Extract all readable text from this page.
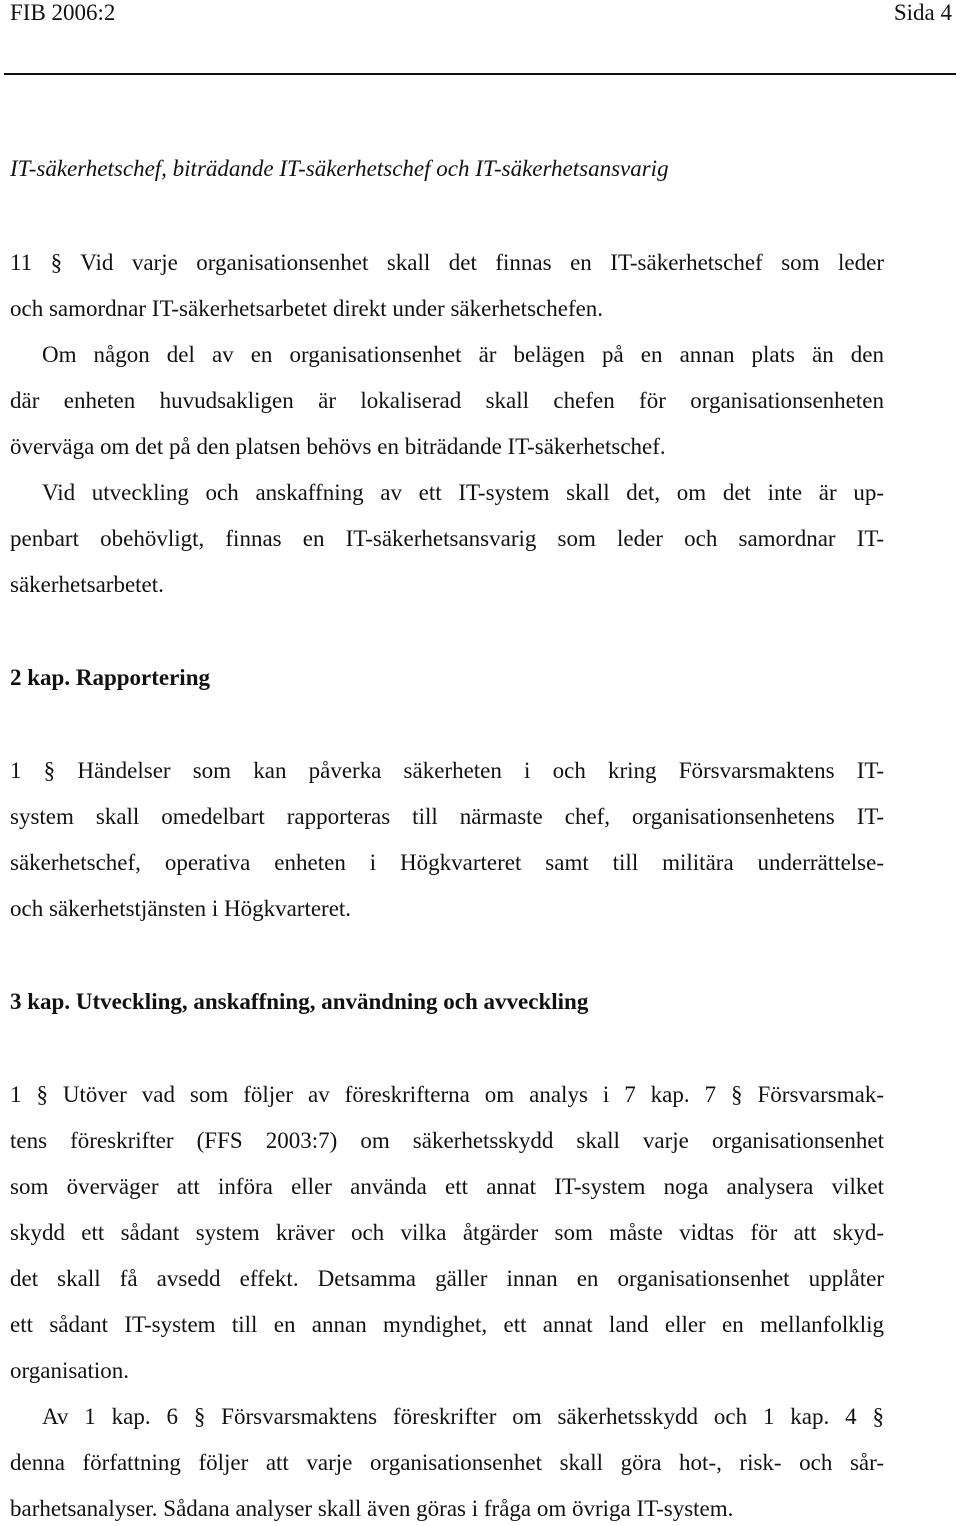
FIB 2006:2	Sida 4
IT-säkerhetschef, biträdande IT-säkerhetschef och IT-säkerhetsansvarig
11 § Vid varje organisationsenhet skall det finnas en IT-säkerhetschef som leder
och samordnar IT-säkerhetsarbetet direkt under säkerhetschefen.
Om någon del av en organisationsenhet är belägen på en annan plats än den
där enheten huvudsakligen är lokaliserad skall chefen för organisationsenheten
överväga om det på den platsen behövs en biträdande IT-säkerhetschef.
Vid utveckling och anskaffning av ett IT-system skall det, om det inte är up-
penbart obehövligt, finnas en IT-säkerhetsansvarig som leder och samordnar IT-
säkerhetsarbetet.
2 kap. Rapportering
1 § Händelser som kan påverka säkerheten i och kring Försvarsmaktens IT-
system skall omedelbart rapporteras till närmaste chef, organisationsenhetens IT-
säkerhetschef, operativa enheten i Högkvarteret samt till militära underrättelse-
och säkerhetstjänsten i Högkvarteret.
3 kap. Utveckling, anskaffning, användning och avveckling
1 § Utöver vad som följer av föreskrifterna om analys i 7 kap. 7 § Försvarsmak-
tens föreskrifter (FFS 2003:7) om säkerhetsskydd skall varje organisationsenhet
som överväger att införa eller använda ett annat IT-system noga analysera vilket
skydd ett sådant system kräver och vilka åtgärder som måste vidtas för att skyd-
det skall få avsedd effekt. Detsamma gäller innan en organisationsenhet upplåter
ett sådant IT-system till en annan myndighet, ett annat land eller en mellanfolklig
organisation.
Av 1 kap. 6 § Försvarsmaktens föreskrifter om säkerhetsskydd och 1 kap. 4 §
denna författning följer att varje organisationsenhet skall göra hot-, risk- och sår-
barhetsanalyser. Sådana analyser skall även göras i fråga om övriga IT-system.
